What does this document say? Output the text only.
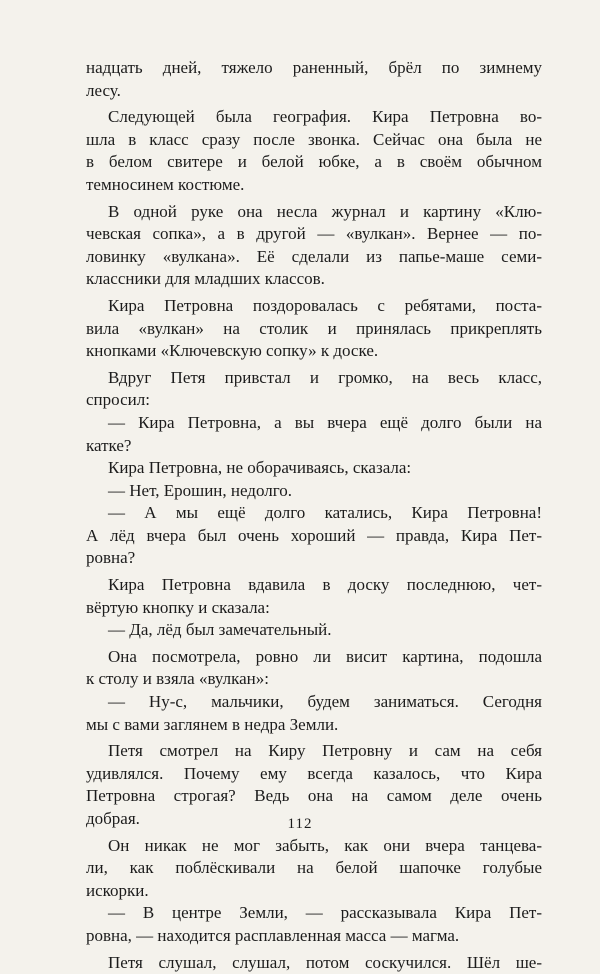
надцать дней, тяжело раненный, брёл по зимнему
лесу.
Следующей была география. Кира Петровна во-
шла в класс сразу после звонка. Сейчас она была не
в белом свитере и белой юбке, а в своём обычном
темносинем костюме.
В одной руке она несла журнал и картину «Клю-
чевская сопка», а в другой — «вулкан». Вернее — по-
ловинку «вулкана». Её сделали из папье-маше семи-
классники для младших классов.
Кира Петровна поздоровалась с ребятами, поста-
вила «вулкан» на столик и принялась прикреплять
кнопками «Ключевскую сопку» к доске.
Вдруг Петя привстал и громко, на весь класс,
спросил:
— Кира Петровна, а вы вчера ещё долго были на
катке?
Кира Петровна, не оборачиваясь, сказала:
— Нет, Ерошин, недолго.
— А мы ещё долго катались, Кира Петровна!
А лёд вчера был очень хороший — правда, Кира Пет-
ровна?
Кира Петровна вдавила в доску последнюю, чет-
вёртую кнопку и сказала:
— Да, лёд был замечательный.
Она посмотрела, ровно ли висит картина, подошла
к столу и взяла «вулкан»:
— Ну-с, мальчики, будем заниматься. Сегодня
мы с вами заглянем в недра Земли.
Петя смотрел на Киру Петровну и сам на себя
удивлялся. Почему ему всегда казалось, что Кира
Петровна строгая? Ведь она на самом деле очень
добрая.
Он никак не мог забыть, как они вчера танцева-
ли, как поблёскивали на белой шапочке голубые
искорки.
— В центре Земли, — рассказывала Кира Пет-
ровна, — находится расплавленная масса — магма.
Петя слушал, слушал, потом соскучился. Шёл ше-
112
